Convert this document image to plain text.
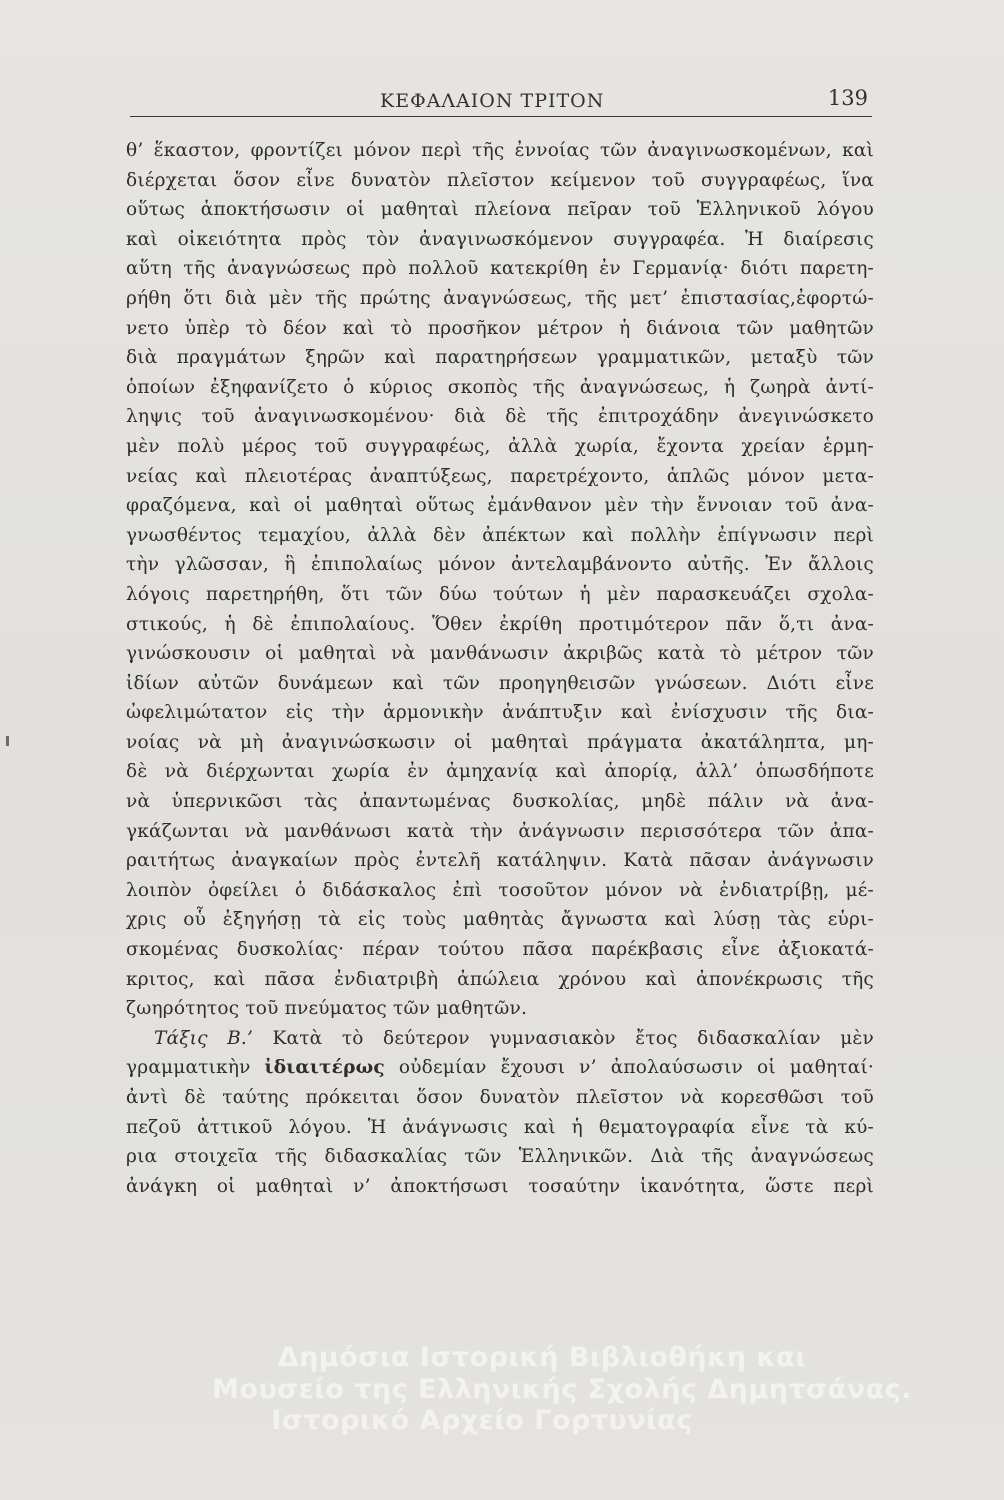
ΚΕΦΑΛΑΙΟΝ ΤΡΙΤΟΝ	139
θ’ ἕκαστον, φροντίζει μόνον περὶ τῆς ἐννοίας τῶν ἀναγινωσκομένων, καὶ
διέρχεται ὅσον εἶνε δυνατὸν πλεῖστον κείμενον τοῦ συγγραφέως, ἵνα
οὕτως ἀποκτήσωσιν οἱ μαθηταὶ πλείονα πεῖραν τοῦ Ἑλληνικοῦ λόγου
καὶ οἰκειότητα πρὸς τὸν ἀναγινωσκόμενον συγγραφέα. Ἡ διαίρεσις
αὕτη τῆς ἀναγνώσεως πρὸ πολλοῦ κατεκρίθη ἐν Γερμανίᾳ· διότι παρετη-
ρήθη ὅτι διὰ μὲν τῆς πρώτης ἀναγνώσεως, τῆς μετ’ ἐπιστασίας,ἐφορτώ-
νετο ὑπὲρ τὸ δέον καὶ τὸ προσῆκον μέτρον ἡ διάνοια τῶν μαθητῶν
διὰ πραγμάτων ξηρῶν καὶ παρατηρήσεων γραμματικῶν, μεταξὺ τῶν
ὁποίων ἐξηφανίζετο ὁ κύριος σκοπὸς τῆς ἀναγνώσεως, ἡ ζωηρὰ ἀντί-
ληψις τοῦ ἀναγινωσκομένου· διὰ δὲ τῆς ἐπιτροχάδην ἀνεγινώσκετο
μὲν πολὺ μέρος τοῦ συγγραφέως, ἀλλὰ χωρία, ἔχοντα χρείαν ἑρμη-
νείας καὶ πλειοτέρας ἀναπτύξεως, παρετρέχοντο, ἁπλῶς μόνον μετα-
φραζόμενα, καὶ οἱ μαθηταὶ οὕτως ἐμάνθανον μὲν τὴν ἔννοιαν τοῦ ἀνα-
γνωσθέντος τεμαχίου, ἀλλὰ δὲν ἀπέκτων καὶ πολλὴν ἐπίγνωσιν περὶ
τὴν γλῶσσαν, ἣ ἐπιπολαίως μόνον ἀντελαμβάνοντο αὐτῆς. Ἐν ἄλλοις
λόγοις παρετηρήθη, ὅτι τῶν δύω τούτων ἡ μὲν παρασκευάζει σχολα-
στικούς, ἡ δὲ ἐπιπολαίους. Ὅθεν ἐκρίθη προτιμότερον πᾶν ὅ,τι ἀνα-
γινώσκουσιν οἱ μαθηταὶ νὰ μανθάνωσιν ἀκριβῶς κατὰ τὸ μέτρον τῶν
ἰδίων αὐτῶν δυνάμεων καὶ τῶν προηγηθεισῶν γνώσεων. Διότι εἶνε
ὠφελιμώτατον εἰς τὴν ἁρμονικὴν ἀνάπτυξιν καὶ ἐνίσχυσιν τῆς δια-
νοίας νὰ μὴ ἀναγινώσκωσιν οἱ μαθηταὶ πράγματα ἀκατάληπτα, μη-
δὲ νὰ διέρχωνται χωρία ἐν ἀμηχανίᾳ καὶ ἀπορίᾳ, ἀλλ’ ὁπωσδήποτε
νὰ ὑπερνικῶσι τὰς ἀπαντωμένας δυσκολίας, μηδὲ πάλιν νὰ ἀνα-
γκάζωνται νὰ μανθάνωσι κατὰ τὴν ἀνάγνωσιν περισσότερα τῶν ἀπα-
ραιτήτως ἀναγκαίων πρὸς ἐντελῆ κατάληψιν. Κατὰ πᾶσαν ἀνάγνωσιν
λοιπὸν ὀφείλει ὁ διδάσκαλος ἐπὶ τοσοῦτον μόνον νὰ ἐνδιατρίβῃ, μέ-
χρις οὗ ἐξηγήσῃ τὰ εἰς τοὺς μαθητὰς ἄγνωστα καὶ λύσῃ τὰς εὑρι-
σκομένας δυσκολίας· πέραν τούτου πᾶσα παρέκβασις εἶνε ἀξιοκατά-
κριτος, καὶ πᾶσα ἐνδιατριβὴ ἀπώλεια χρόνου καὶ ἀπονέκρωσις τῆς
ζωηρότητος τοῦ πνεύματος τῶν μαθητῶν.
Τάξις Β.’ Κατὰ τὸ δεύτερον γυμνασιακὸν ἔτος διδασκαλίαν μὲν
γραμματικὴν ἰδιαιτέρως οὐδεμίαν ἔχουσι ν’ ἀπολαύσωσιν οἱ μαθηταί·
ἀντὶ δὲ ταύτης πρόκειται ὅσον δυνατὸν πλεῖστον νὰ κορεσθῶσι τοῦ
πεζοῦ ἀττικοῦ λόγου. Ἡ ἀνάγνωσις καὶ ἡ θεματογραφία εἶνε τὰ κύ-
ρια στοιχεῖα τῆς διδασκαλίας τῶν Ἑλληνικῶν. Διὰ τῆς ἀναγνώσεως
ἀνάγκη οἱ μαθηταὶ ν’ ἀποκτήσωσι τοσαύτην ἱκανότητα, ὥστε περὶ
Δημόσια Ιστορική Βιβλιοθήκη και
Μουσείο της Ελληνικής Σχολής Δημητσάνας.
Ιστορικό Αρχείο Γορτυνίας
